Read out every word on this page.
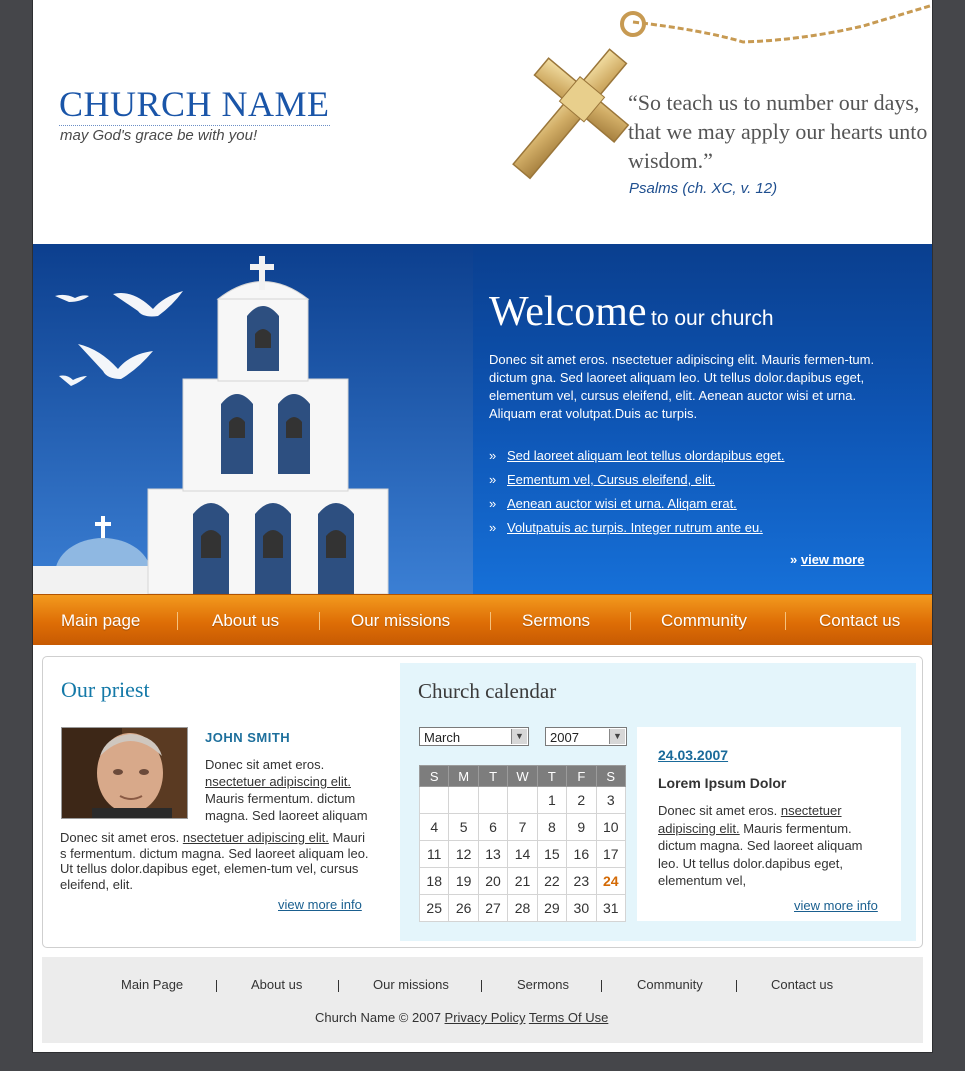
CHURCH NAME
may God's grace be with you!
“So teach us to number our days, that we may apply our hearts unto wisdom.”
Psalms (ch. XC, v. 12)
Welcome to our church
Donec sit amet eros. nsectetuer adipiscing elit. Mauris fermen-tum. dictum gna. Sed laoreet aliquam leo. Ut tellus dolor.dapibus eget, elementum vel, cursus eleifend, elit. Aenean auctor wisi et urna. Aliquam erat volutpat.Duis ac turpis.
» Sed laoreet aliquam leot tellus olordapibus eget.
» Eementum vel, Cursus eleifend, elit.
» Aenean auctor wisi et urna. Aliqam erat.
» Volutpatuis ac turpis. Integer rutrum ante eu.
» view more
Main page	About us	Our missions	Sermons	Community	Contact us
Our priest
JOHN SMITH
Donec sit amet eros. nsectetuer adipiscing elit. Mauris fermentum. dictum magna. Sed laoreet aliquam
Donec sit amet eros. nsectetuer adipiscing elit. Mauri s fermentum. dictum magna. Sed laoreet aliquam leo. Ut tellus dolor.dapibus eget, elemen-tum vel, cursus eleifend, elit.
view more info
Church calendar
March	▼	2007	▼
S	M	T	W	T	F	S
				1	2	3
4	5	6	7	8	9	10
11	12	13	14	15	16	17
18	19	20	21	22	23	24
25	26	27	28	29	30	31
24.03.2007
Lorem Ipsum Dolor
Donec sit amet eros. nsectetuer adipiscing elit. Mauris fermentum. dictum magna. Sed laoreet aliquam leo. Ut tellus dolor.dapibus eget, elementum vel,
view more info
Main Page	About us	Our missions	Sermons	Community	Contact us
Church Name © 2007 Privacy Policy Terms Of Use
